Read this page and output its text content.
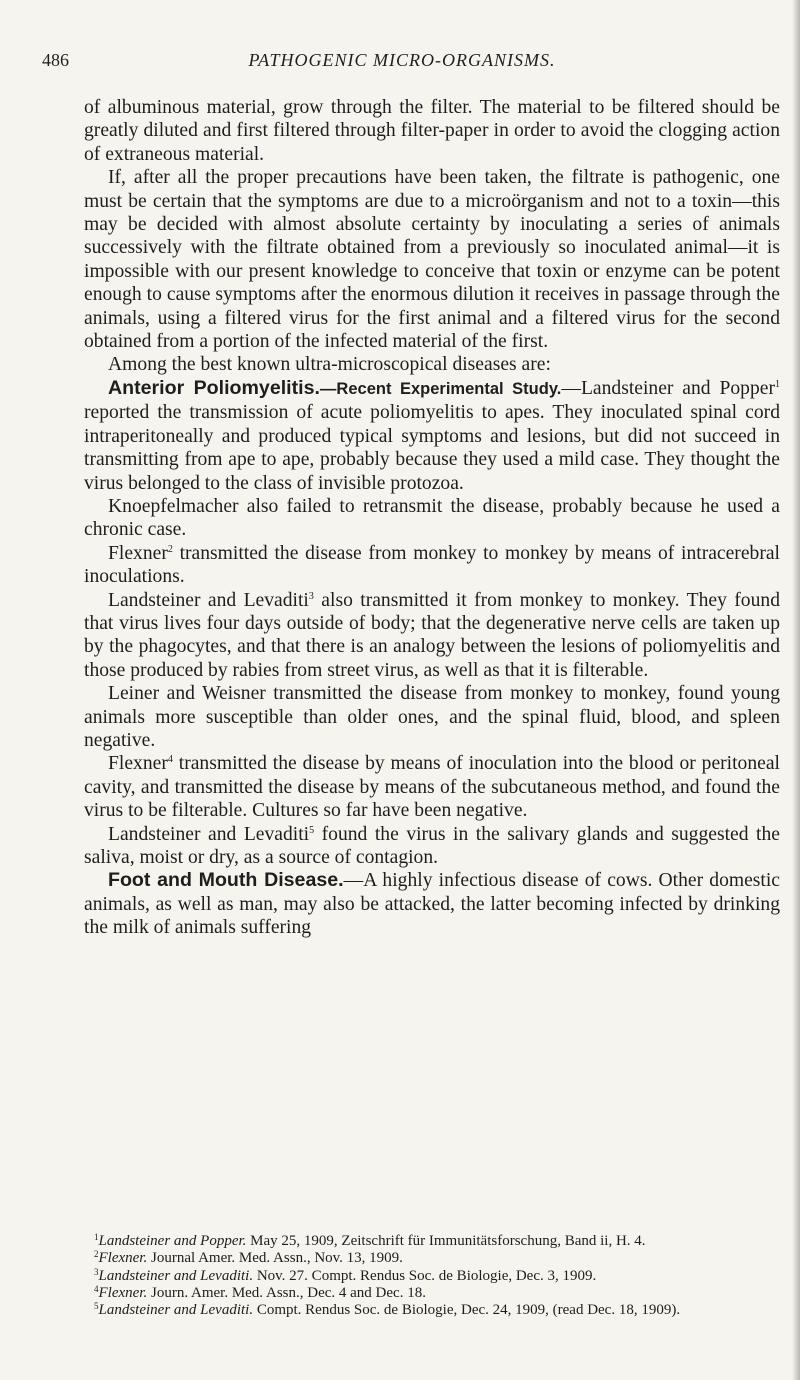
486	PATHOGENIC MICRO-ORGANISMS.

of albuminous material, grow through the filter. The material to be filtered should be greatly diluted and first filtered through filter-paper in order to avoid the clogging action of extraneous material.

If, after all the proper precautions have been taken, the filtrate is pathogenic, one must be certain that the symptoms are due to a microörganism and not to a toxin—this may be decided with almost absolute certainty by inoculating a series of animals successively with the filtrate obtained from a previously so inoculated animal—it is impossible with our present knowledge to conceive that toxin or enzyme can be potent enough to cause symptoms after the enormous dilution it receives in passage through the animals, using a filtered virus for the first animal and a filtered virus for the second obtained from a portion of the infected material of the first.

Among the best known ultra-microscopical diseases are:

Anterior Poliomyelitis.—Recent Experimental Study.—Landsteiner and Popper$^1$ reported the transmission of acute poliomyelitis to apes. They inoculated spinal cord intraperitoneally and produced typical symptoms and lesions, but did not succeed in transmitting from ape to ape, probably because they used a mild case. They thought the virus belonged to the class of invisible protozoa.

Knoepfelmacher also failed to retransmit the disease, probably because he used a chronic case.

Flexner$^2$ transmitted the disease from monkey to monkey by means of intracerebral inoculations.

Landsteiner and Levaditi$^3$ also transmitted it from monkey to monkey. They found that virus lives four days outside of body; that the degenerative nerve cells are taken up by the phagocytes, and that there is an analogy between the lesions of poliomyelitis and those produced by rabies from street virus, as well as that it is filterable.

Leiner and Weisner transmitted the disease from monkey to monkey, found young animals more susceptible than older ones, and the spinal fluid, blood, and spleen negative.

Flexner$^4$ transmitted the disease by means of inoculation into the blood or peritoneal cavity, and transmitted the disease by means of the subcutaneous method, and found the virus to be filterable. Cultures so far have been negative.

Landsteiner and Levaditi$^5$ found the virus in the salivary glands and suggested the saliva, moist or dry, as a source of contagion.

Foot and Mouth Disease.—A highly infectious disease of cows. Other domestic animals, as well as man, may also be attacked, the latter becoming infected by drinking the milk of animals suffering

$^1$Landsteiner and Popper. May 25, 1909, Zeitschrift für Immunitätsforschung, Band ii, H. 4.

$^2$Flexner. Journal Amer. Med. Assn., Nov. 13, 1909.

$^3$Landsteiner and Levaditi. Nov. 27. Compt. Rendus Soc. de Biologie, Dec. 3, 1909.

$^4$Flexner. Journ. Amer. Med. Assn., Dec. 4 and Dec. 18.

$^5$Landsteiner and Levaditi. Compt. Rendus Soc. de Biologie, Dec. 24, 1909, (read Dec. 18, 1909).
